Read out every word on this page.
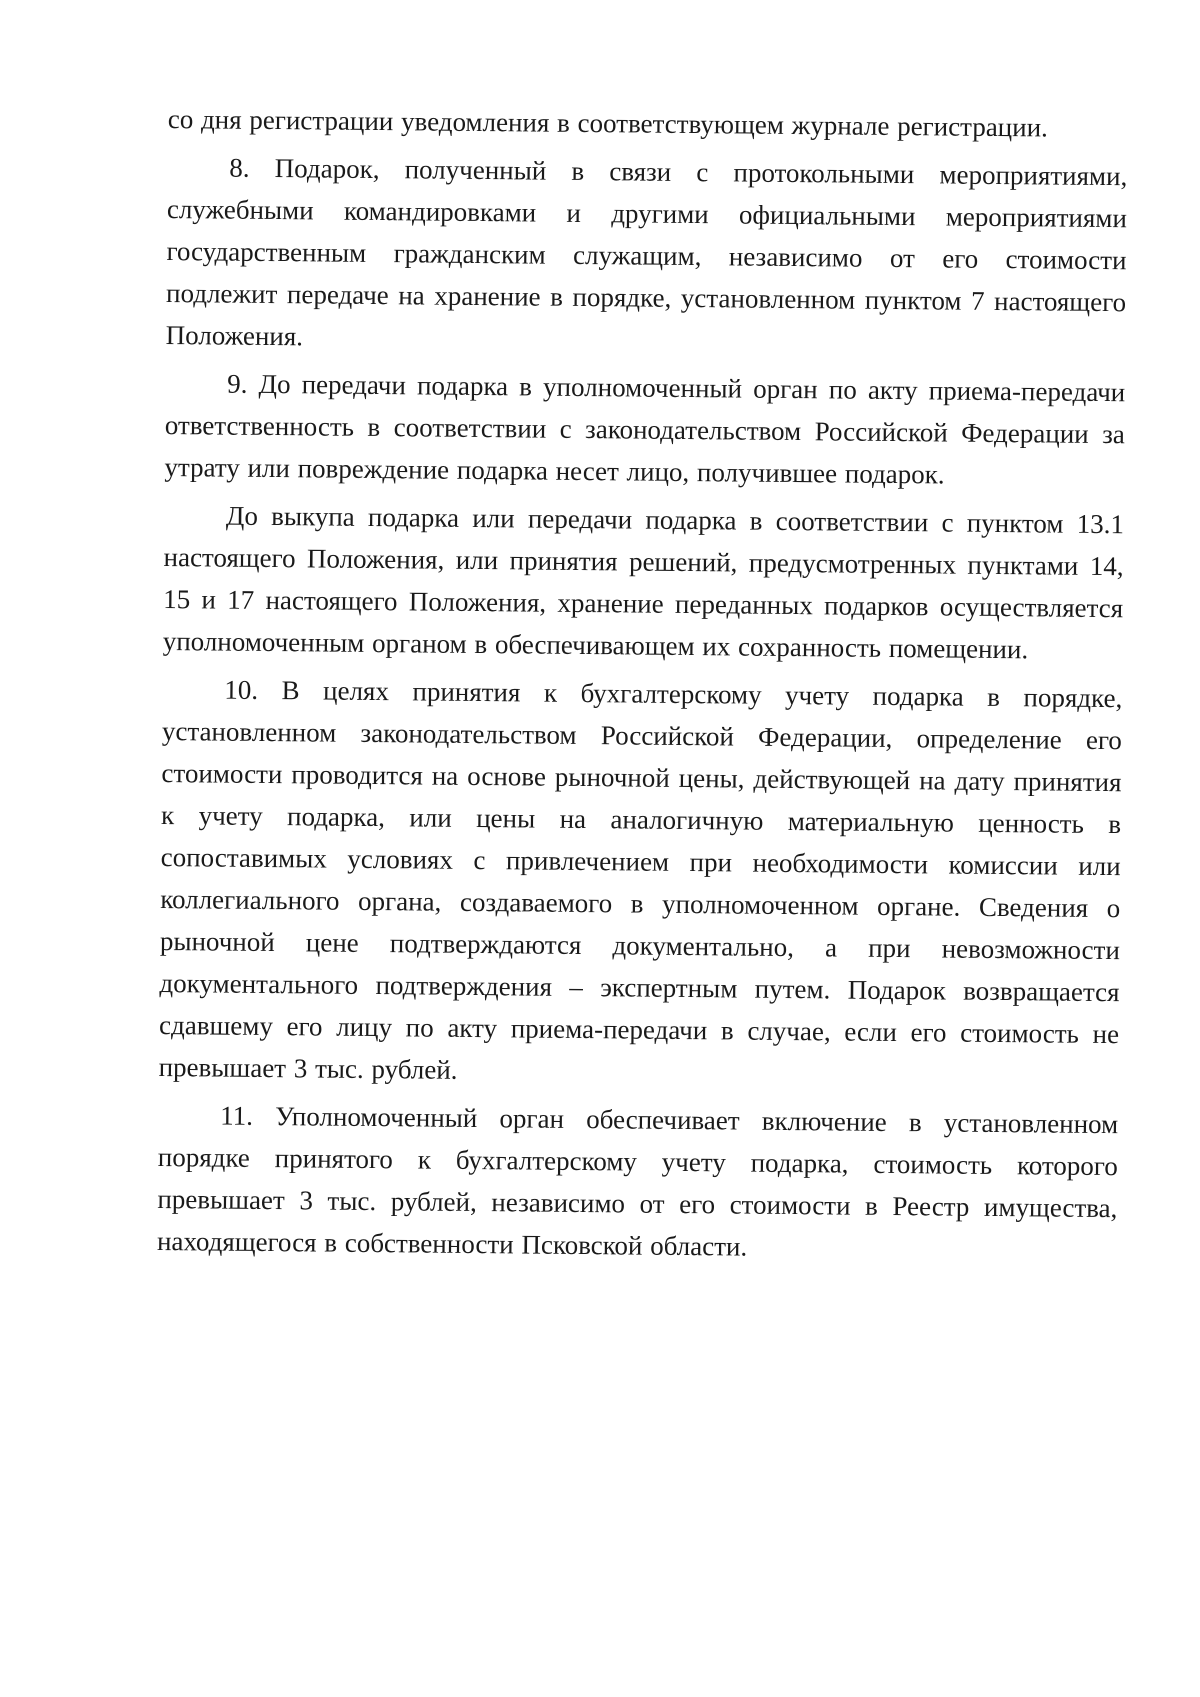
со дня регистрации уведомления в соответствующем журнале регистрации.

8. Подарок, полученный в связи с протокольными мероприятиями, служебными командировками и другими официальными мероприятиями государственным гражданским служащим, независимо от его стоимости подлежит передаче на хранение в порядке, установленном пунктом 7 настоящего Положения.

9. До передачи подарка в уполномоченный орган по акту приема-передачи ответственность в соответствии с законодательством Российской Федерации за утрату или повреждение подарка несет лицо, получившее подарок.

До выкупа подарка или передачи подарка в соответствии с пунктом 13.1 настоящего Положения, или принятия решений, предусмотренных пунктами 14, 15 и 17 настоящего Положения, хранение переданных подарков осуществляется уполномоченным органом в обеспечивающем их сохранность помещении.

10. В целях принятия к бухгалтерскому учету подарка в порядке, установленном законодательством Российской Федерации, определение его стоимости проводится на основе рыночной цены, действующей на дату принятия к учету подарка, или цены на аналогичную материальную ценность в сопоставимых условиях с привлечением при необходимости комиссии или коллегиального органа, создаваемого в уполномоченном органе. Сведения о рыночной цене подтверждаются документально, а при невозможности документального подтверждения – экспертным путем. Подарок возвращается сдавшему его лицу по акту приема-передачи в случае, если его стоимость не превышает 3 тыс. рублей.

11. Уполномоченный орган обеспечивает включение в установленном порядке принятого к бухгалтерскому учету подарка, стоимость которого превышает 3 тыс. рублей, независимо от его стоимости в Реестр имущества, находящегося в собственности Псковской области.
